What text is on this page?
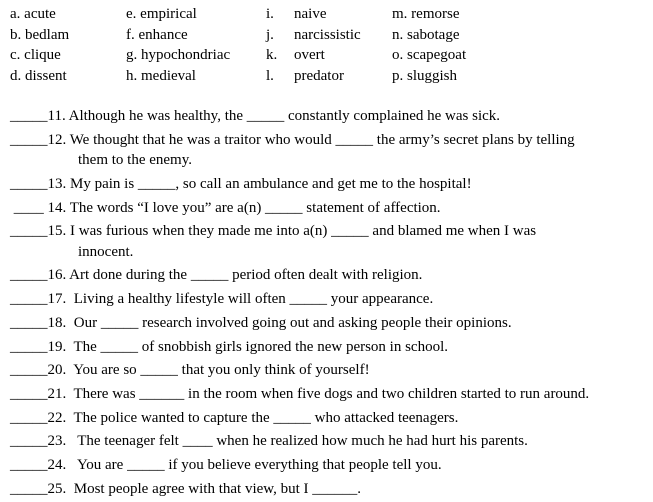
a. acute	e. empirical	i. naive	m. remorse
b. bedlam	f. enhance	j. narcissistic n. sabotage
c. clique	g. hypochondriac k. overt	o. scapegoat
d. dissent	h. medieval	l. predator	p. sluggish
_____11. Although he was healthy, the _____ constantly complained he was sick.
_____12. We thought that he was a traitor who would _____ the army’s secret plans by telling
them to the enemy.
_____13. My pain is _____, so call an ambulance and get me to the hospital!
____ 14. The words “I love you” are a(n) _____ statement of affection.
_____15. I was furious when they made me into a(n) _____ and blamed me when I was
innocent.
_____16. Art done during the _____ period often dealt with religion.
_____17.  Living a healthy lifestyle will often _____ your appearance.
_____18.  Our _____ research involved going out and asking people their opinions.
_____19.  The _____ of snobbish girls ignored the new person in school.
_____20.  You are so _____ that you only think of yourself!
_____21.  There was ______ in the room when five dogs and two children started to run around.
_____22.  The police wanted to capture the _____ who attacked teenagers.
_____23.   The teenager felt ____ when he realized how much he had hurt his parents.
_____24.   You are _____ if you believe everything that people tell you.
_____25.  Most people agree with that view, but I ______.
